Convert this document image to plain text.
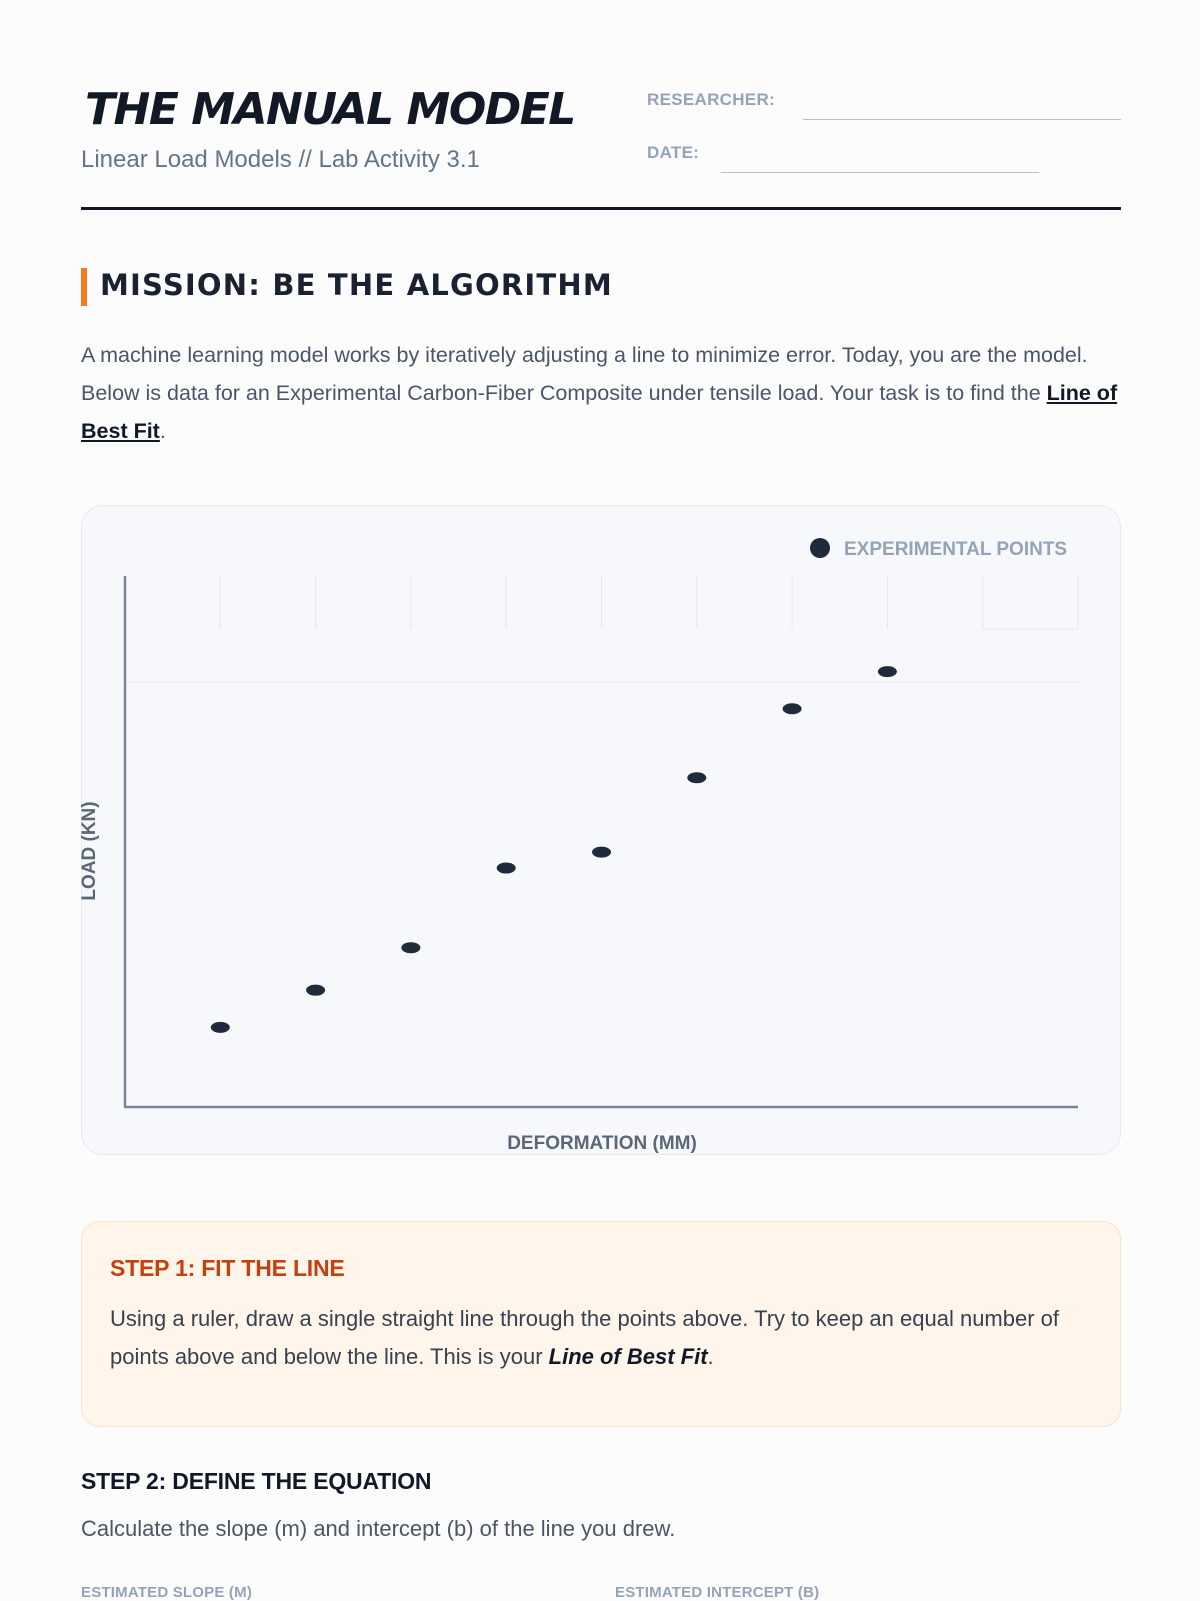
THE MANUAL MODEL
Linear Load Models // Lab Activity 3.1
RESEARCHER:
DATE:
MISSION: BE THE ALGORITHM

A machine learning model works by iteratively adjusting a line to minimize error. Today, you are the model. Below is data for an Experimental Carbon-Fiber Composite under tensile load. Your task is to find the Line of Best Fit.

EXPERIMENTAL POINTS
DEFORMATION (MM)
LOAD (KN)
STEP 1: FIT THE LINE

Using a ruler, draw a single straight line through the points above. Try to keep an equal number of points above and below the line. This is your Line of Best Fit.

STEP 2: DEFINE THE EQUATION
Calculate the slope (m) and intercept (b) of the line you drew.
ESTIMATED SLOPE (M)	ESTIMATED INTERCEPT (B)
